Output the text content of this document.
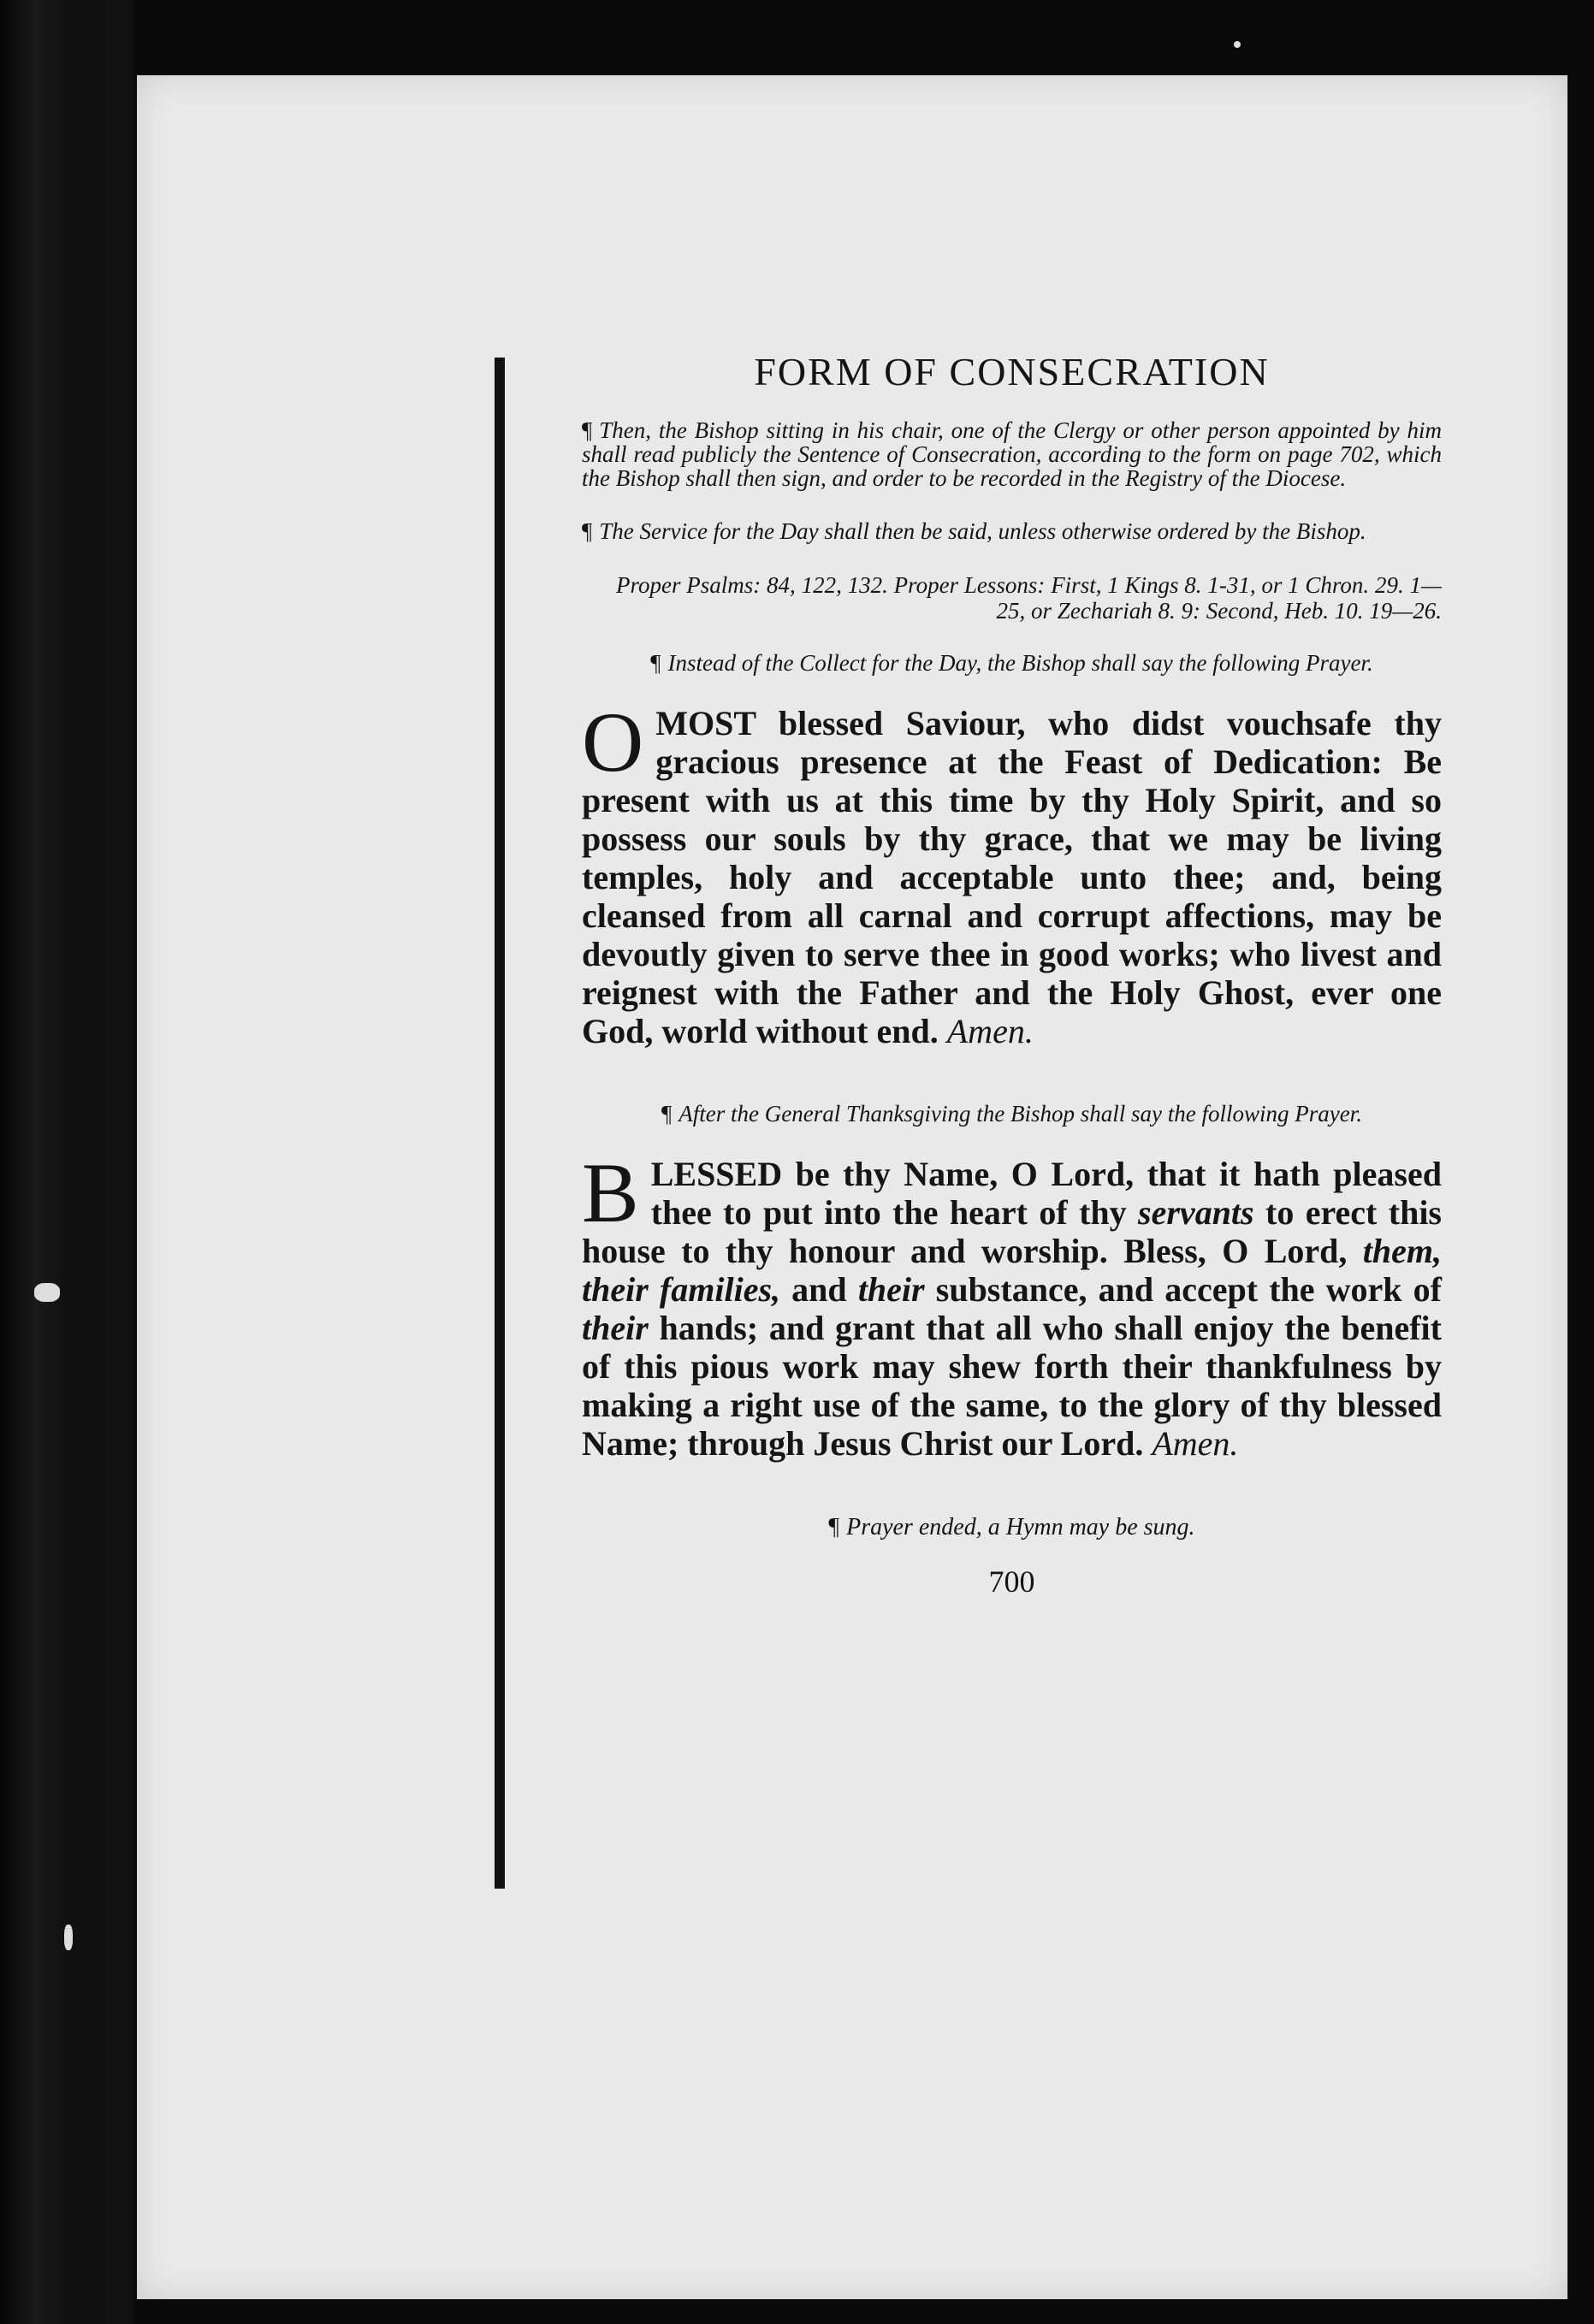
FORM OF CONSECRATION

¶ Then, the Bishop sitting in his chair, one of the Clergy or other person appointed by him shall read publicly the Sentence of Consecration, according to the form on page 702, which the Bishop shall then sign, and order to be recorded in the Registry of the Diocese.

¶ The Service for the Day shall then be said, unless otherwise ordered by the Bishop.

Proper Psalms: 84, 122, 132. Proper Lessons: First, 1 Kings 8. 1-31, or 1 Chron. 29. 1—25, or Zechariah 8. 9: Second, Heb. 10. 19—26.

¶ Instead of the Collect for the Day, the Bishop shall say the following Prayer.

OMOST blessed Saviour, who didst vouchsafe thy gracious presence at the Feast of Dedication: Be present with us at this time by thy Holy Spirit, and so possess our souls by thy grace, that we may be living temples, holy and acceptable unto thee; and, being cleansed from all carnal and corrupt affections, may be devoutly given to serve thee in good works; who livest and reignest with the Father and the Holy Ghost, ever one God, world without end. Amen.

¶ After the General Thanksgiving the Bishop shall say the following Prayer.

BLESSED be thy Name, O Lord, that it hath pleased thee to put into the heart of thy servants to erect this house to thy honour and worship. Bless, O Lord, them, their families, and their substance, and accept the work of their hands; and grant that all who shall enjoy the benefit of this pious work may shew forth their thankfulness by making a right use of the same, to the glory of thy blessed Name; through Jesus Christ our Lord. Amen.

¶ Prayer ended, a Hymn may be sung.

700
